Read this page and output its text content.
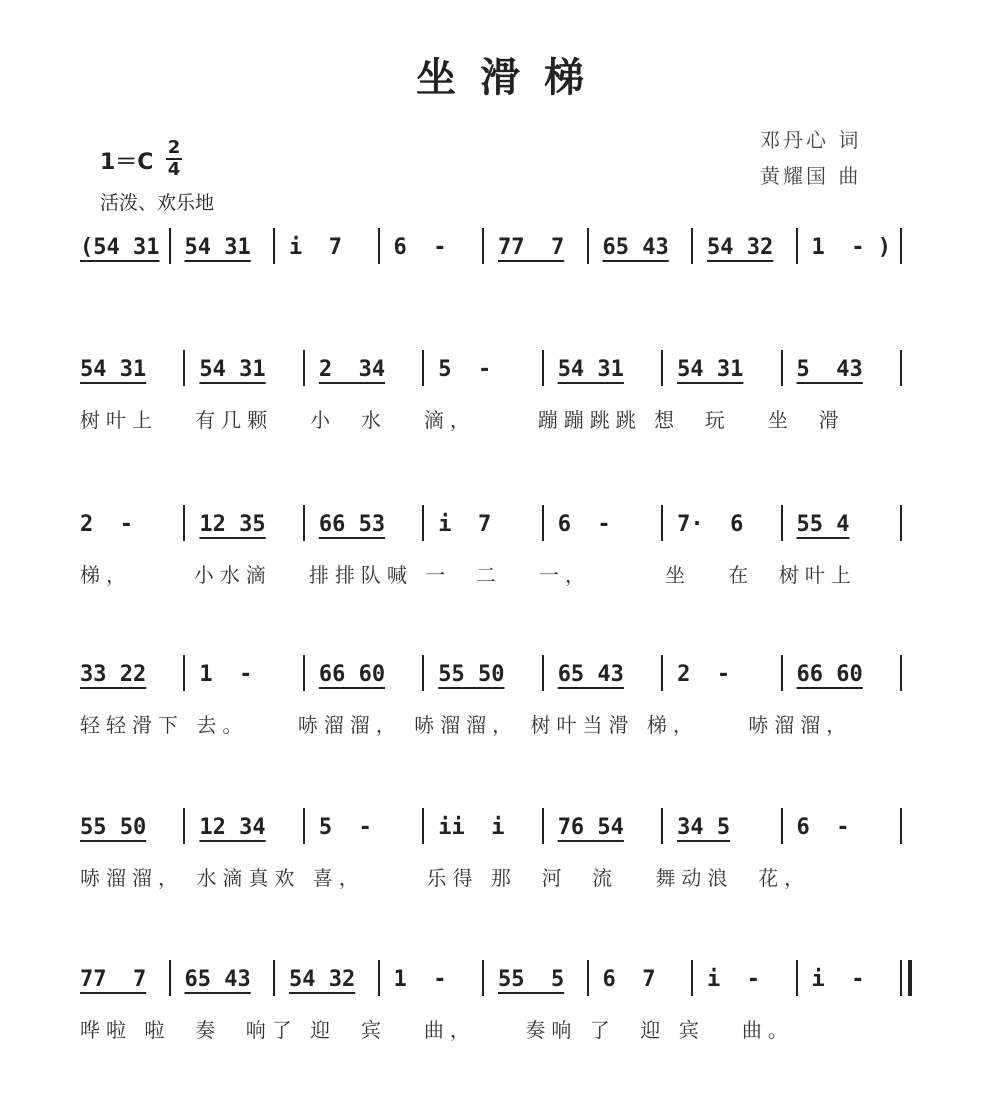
坐滑梯
$1=C \frac{2}{4}$
活泼、欢乐地
邓丹心 词
黄耀国 曲
(54 31	54 31	i  7	6  -	77  7	65 43	54 32	1  - )
54 31	54 31	2  34	5  -	54 31	54 31	5  43
树叶上   有几颗   小  水   滴，     蹦蹦跳跳 想  玩   坐  滑
2  -	12 35	66 53	i  7	6  -	7·  6	55 4
梯，     小水滴   排排队喊 一  二   一，      坐   在  树叶上
33 22	1  -	66 60	55 50	65 43	2  -	66 60
轻轻滑下 去。    哧溜溜， 哧溜溜， 树叶当滑 梯，    哧溜溜，
55 50	12 34	5  -	ii  i	76 54	34 5	6  -
哧溜溜， 水滴真欢 喜，     乐得 那  河  流   舞动浪  花，
77  7	65 43	54 32	1  -	55  5	6  7	i  -	i  -
哗啦 啦  奏  响了 迎  宾   曲，    奏响 了  迎 宾   曲。
